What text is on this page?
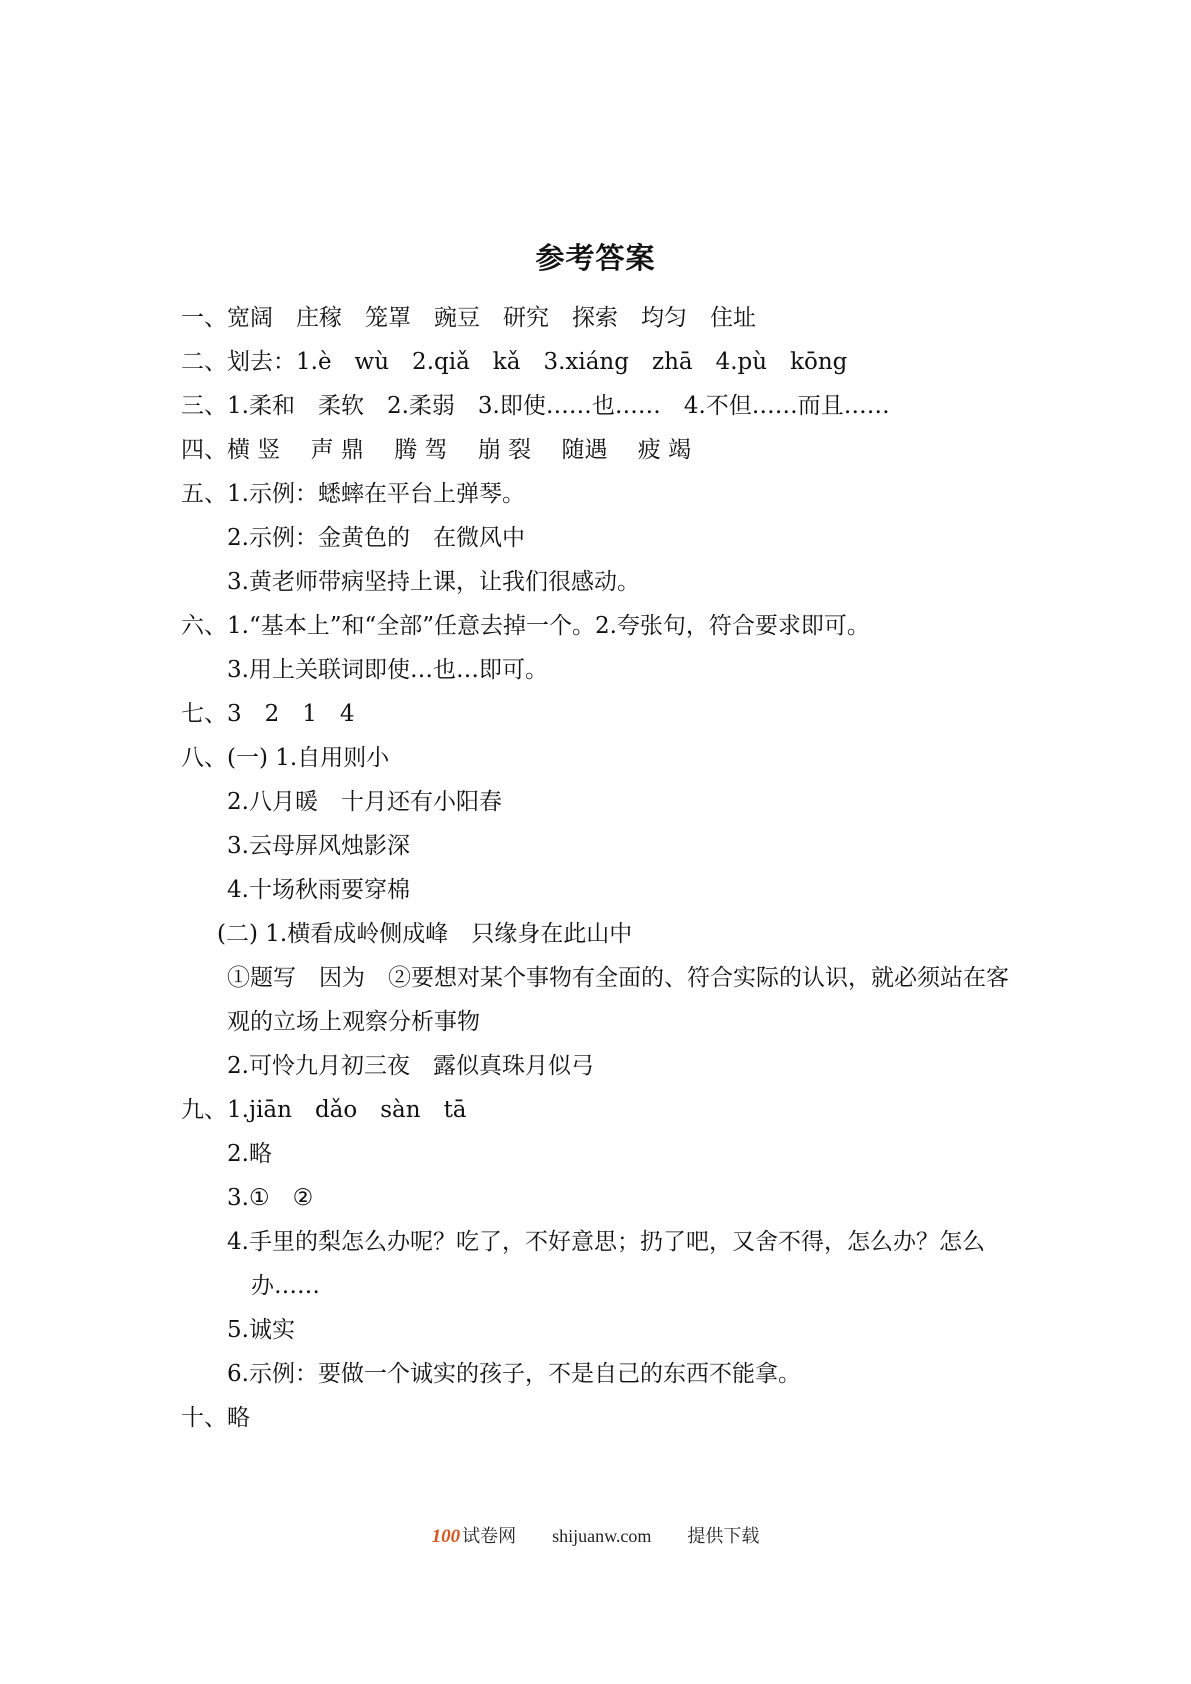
参考答案
一、宽阔　庄稼　笼罩　豌豆　研究　探索　均匀　住址
二、划去：1.è　wù　2.qiǎ　kǎ　3.xiáng　zhā　4.pù　kōng
三、1.柔和　柔软　2.柔弱　3.即使……也……　4.不但……而且……
四、横 竖　 声 鼎　 腾 驾　 崩 裂　 随遇　 疲 竭
五、1.示例：蟋蟀在平台上弹琴。
2.示例：金黄色的　在微风中
3.黄老师带病坚持上课，让我们很感动。
六、1.“基本上”和“全部”任意去掉一个。2.夸张句，符合要求即可。
3.用上关联词即使…也…即可。
七、3　2　1　4
八、(一) 1.自用则小
2.八月暖　十月还有小阳春
3.云母屏风烛影深
4.十场秋雨要穿棉
(二) 1.横看成岭侧成峰　只缘身在此山中
①题写　因为　②要想对某个事物有全面的、符合实际的认识，就必须站在客观的立场上观察分析事物
2.可怜九月初三夜　露似真珠月似弓
九、1.jiān　dǎo　sàn　tā
2.略
3.①　②
4.手里的梨怎么办呢？吃了，不好意思；扔了吧，又舍不得，怎么办？怎么办……
5.诚实
6.示例：要做一个诚实的孩子，不是自己的东西不能拿。
十、略
100 试卷网 shijuanw.com 提供下载
